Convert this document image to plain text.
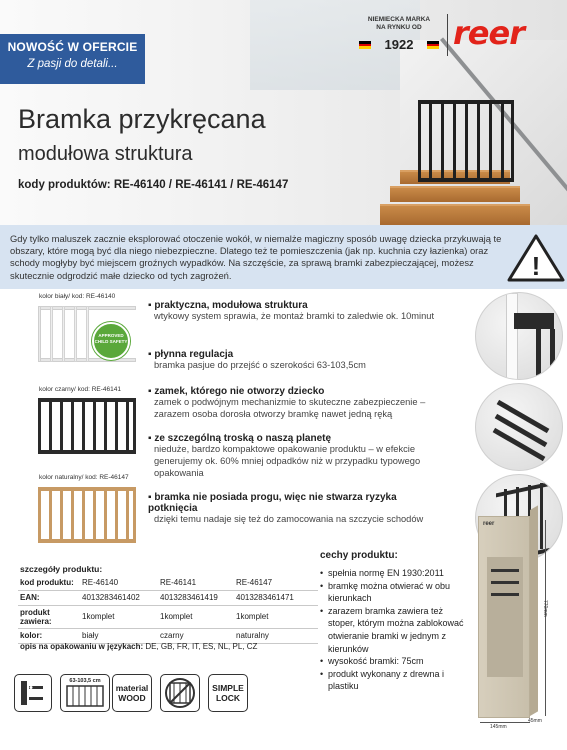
NOWOŚĆ W OFERCIE
Z pasji do detali...
NIEMIECKA MARKA
NA RYNKU OD
1922	reer
Bramka przykręcana
modułowa struktura
kody produktów: RE-46140 / RE-46141 / RE-46147

Gdy tylko maluszek zacznie eksplorować otoczenie wokół, w niemalże magiczny sposób uwagę dziecka przykuwają te obszary, które mogą być dla niego niebezpieczne. Dlatego też te pomieszczenia (jak np. kuchnia czy łazienka) oraz schody mogłyby być miejscem groźnych wypadków. Na szczęście, za sprawą bramki zabezpieczającej, możesz skutecznie odgrodzić małe dziecko od tych zagrożeń.	!
kolor biały/ kod: RE-46140
APPROVED CHILD SAFETY
kolor czarny/ kod: RE-46141
kolor naturalny/ kod: RE-46147
▪ praktyczna, modułowa struktura

wtykowy system sprawia, że montaż bramki to zaledwie ok. 10minut

▪ płynna regulacja

bramka pasjue do przejść o szerokości 63-103,5cm

▪ zamek, którego nie otworzy dziecko

zamek o podwójnym mechanizmie to skuteczne zabezpieczenie – zarazem osoba dorosła otworzy bramkę nawet jedną ręką

▪ ze szczególną troską o naszą planetę

nieduże, bardzo kompaktowe opakowanie produktu – w efekcie generujemy ok. 60% mniej odpadków niż w przypadku typowego opakowania

▪ bramka nie posiada progu, więc nie stwarza ryzyka potknięcia

dzięki temu nadaje się też do zamocowania na szczycie schodów	reer
770mm
145mm
45mm
szczegóły produktu:
kod produktu:	RE-46140	RE-46141	RE-46147
EAN:	4013283461402	4013283461419	4013283461471
produkt zawiera:	1komplet	1komplet	1komplet
kolor:	biały	czarny	naturalny
opis na opakowaniu w językach: DE, GB, FR, IT, ES, NL, PL, CZ
cechy produktu:
• spełnia normę EN 1930:2011
• bramkę można otwierać w obu kierunkach
• zarazem bramka zawiera też stoper, którym można zablokować otwieranie bramki w jednym z kierunków
• wysokość bramki: 75cm
• produkt wykonany z drewna i plastiku
63-103,5 cm
material
WOOD
SIMPLE
LOCK
